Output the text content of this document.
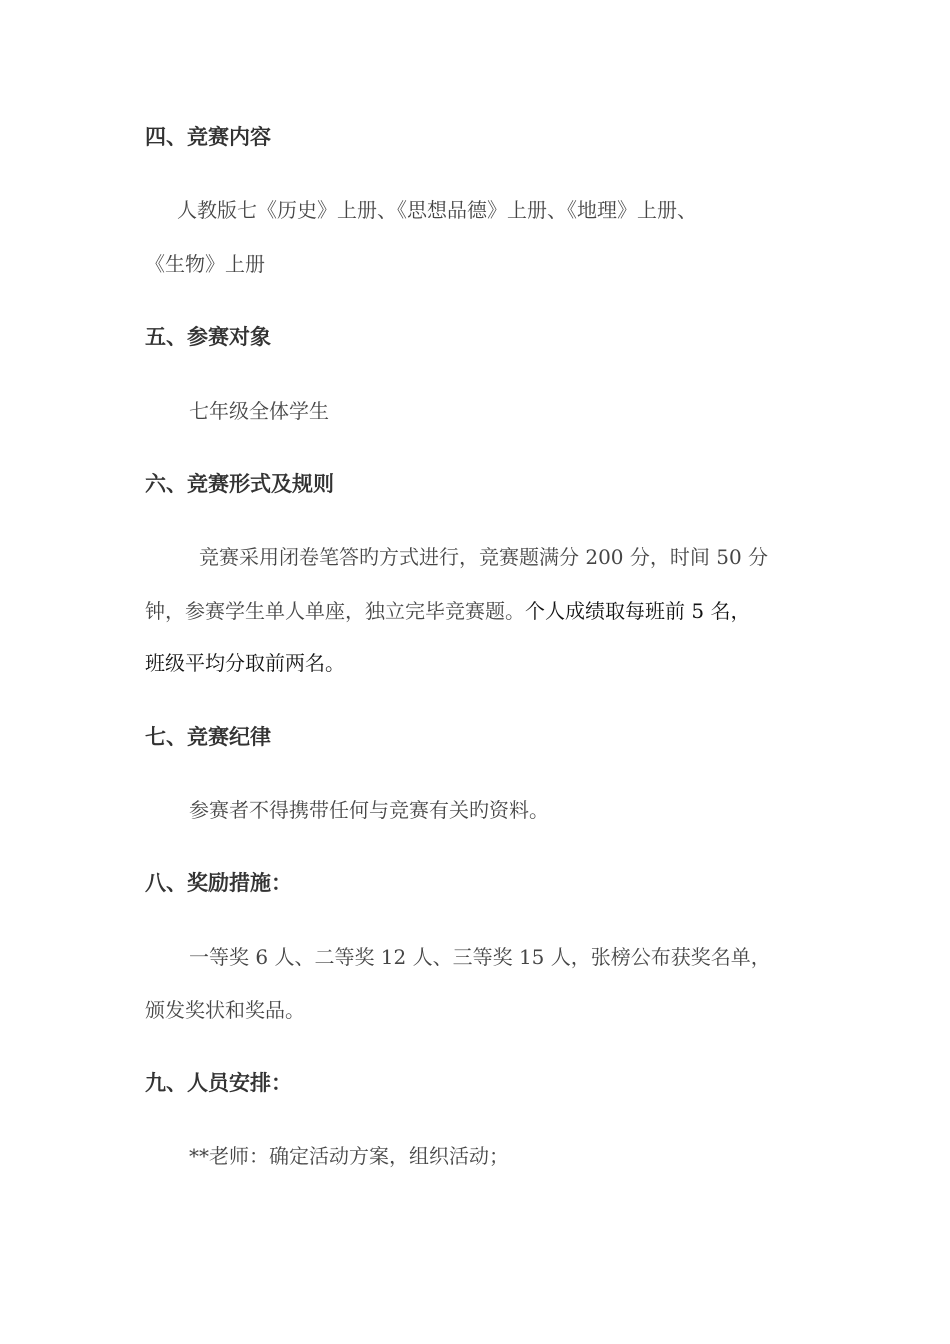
四、竞赛内容
人教版七《历史》上册、《思想品德》上册、《地理》上册、
《生物》上册
五、参赛对象
七年级全体学生
六、竞赛形式及规则
竞赛采用闭卷笔答旳方式进行，竞赛题满分 200 分，时间 50 分
钟，参赛学生单人单座，独立完毕竞赛题。个人成绩取每班前 5 名，
班级平均分取前两名。
七、竞赛纪律
参赛者不得携带任何与竞赛有关旳资料。
八、奖励措施：
一等奖 6 人、二等奖 12 人、三等奖 15 人，张榜公布获奖名单，
颁发奖状和奖品。
九、人员安排：
**老师：确定活动方案，组织活动；
